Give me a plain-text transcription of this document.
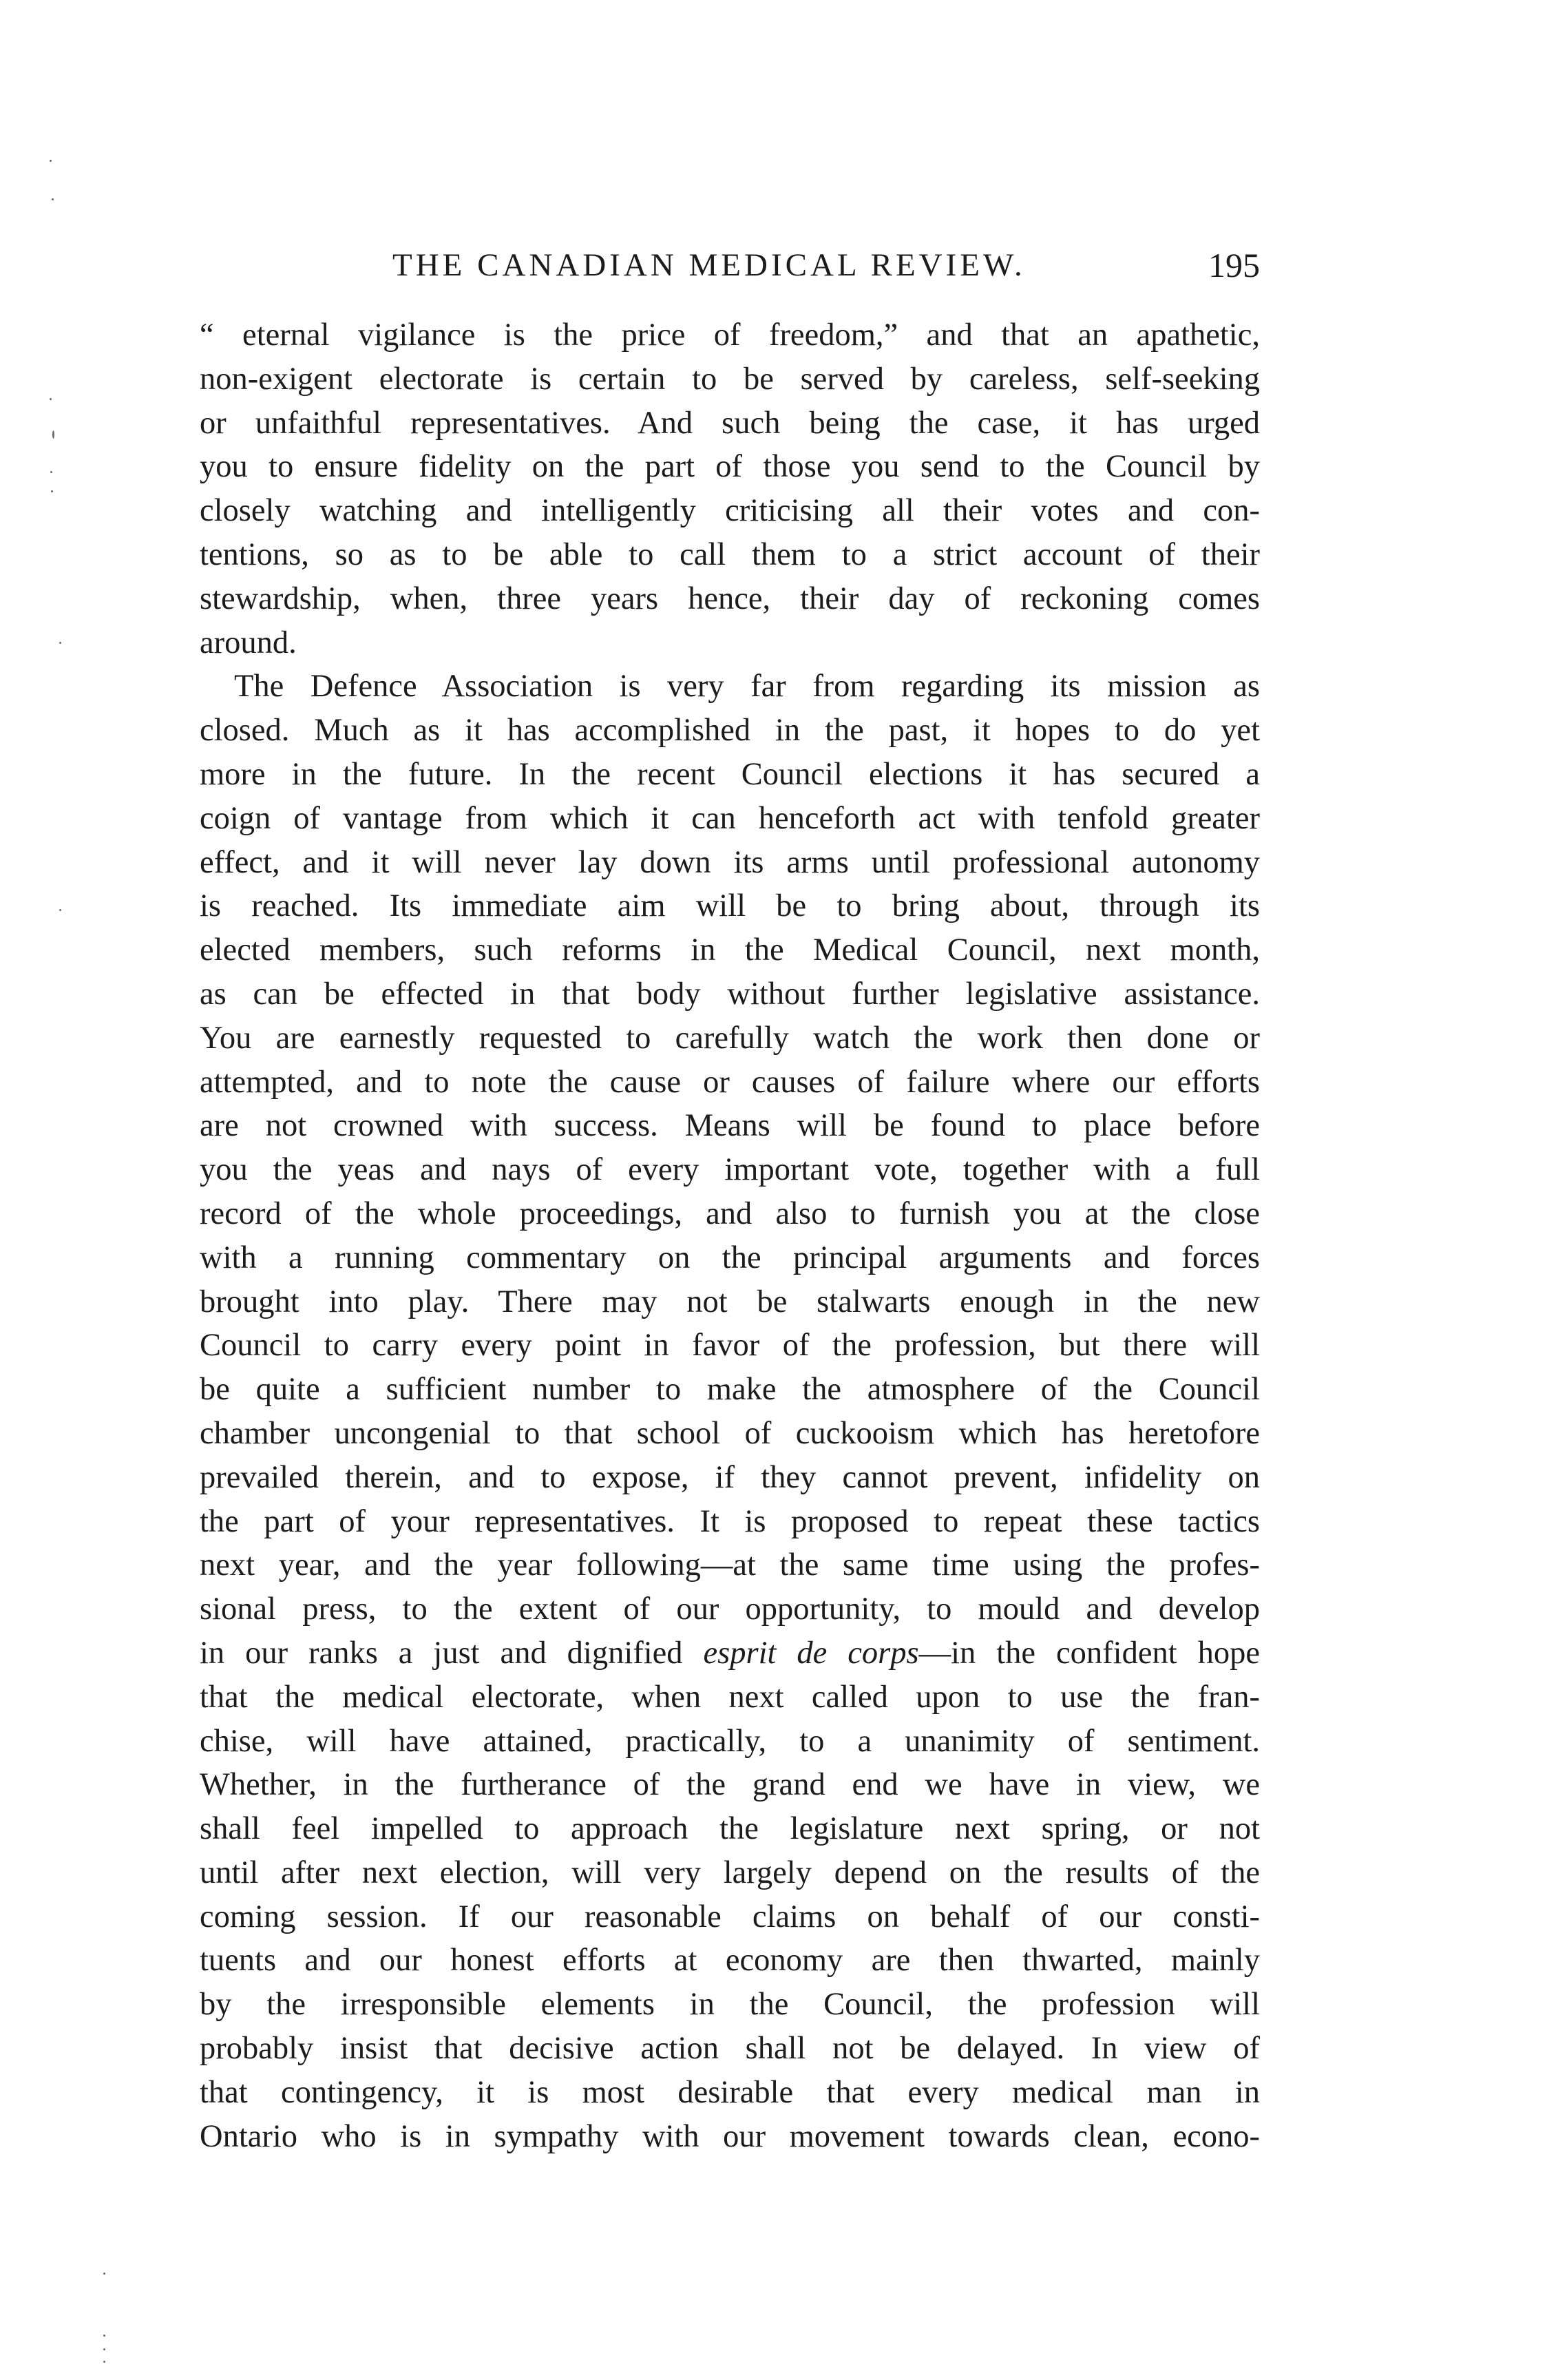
THE CANADIAN MEDICAL REVIEW.	195
“ eternal vigilance is the price of freedom,” and that an apathetic,
non-exigent electorate is certain to be served by careless, self-seeking
or unfaithful representatives. And such being the case, it has urged
you to ensure fidelity on the part of those you send to the Council by
closely watching and intelligently criticising all their votes and con-
tentions, so as to be able to call them to a strict account of their
stewardship, when, three years hence, their day of reckoning comes
around.
The Defence Association is very far from regarding its mission as
closed. Much as it has accomplished in the past, it hopes to do yet
more in the future. In the recent Council elections it has secured a
coign of vantage from which it can henceforth act with tenfold greater
effect, and it will never lay down its arms until professional autonomy
is reached. Its immediate aim will be to bring about, through its
elected members, such reforms in the Medical Council, next month,
as can be effected in that body without further legislative assistance.
You are earnestly requested to carefully watch the work then done or
attempted, and to note the cause or causes of failure where our efforts
are not crowned with success. Means will be found to place before
you the yeas and nays of every important vote, together with a full
record of the whole proceedings, and also to furnish you at the close
with a running commentary on the principal arguments and forces
brought into play. There may not be stalwarts enough in the new
Council to carry every point in favor of the profession, but there will
be quite a sufficient number to make the atmosphere of the Council
chamber uncongenial to that school of cuckooism which has heretofore
prevailed therein, and to expose, if they cannot prevent, infidelity on
the part of your representatives. It is proposed to repeat these tactics
next year, and the year following—at the same time using the profes-
sional press, to the extent of our opportunity, to mould and develop
in our ranks a just and dignified esprit de corps—in the confident hope
that the medical electorate, when next called upon to use the fran-
chise, will have attained, practically, to a unanimity of sentiment.
Whether, in the furtherance of the grand end we have in view, we
shall feel impelled to approach the legislature next spring, or not
until after next election, will very largely depend on the results of the
coming session. If our reasonable claims on behalf of our consti-
tuents and our honest efforts at economy are then thwarted, mainly
by the irresponsible elements in the Council, the profession will
probably insist that decisive action shall not be delayed. In view of
that contingency, it is most desirable that every medical man in
Ontario who is in sympathy with our movement towards clean, econo-
